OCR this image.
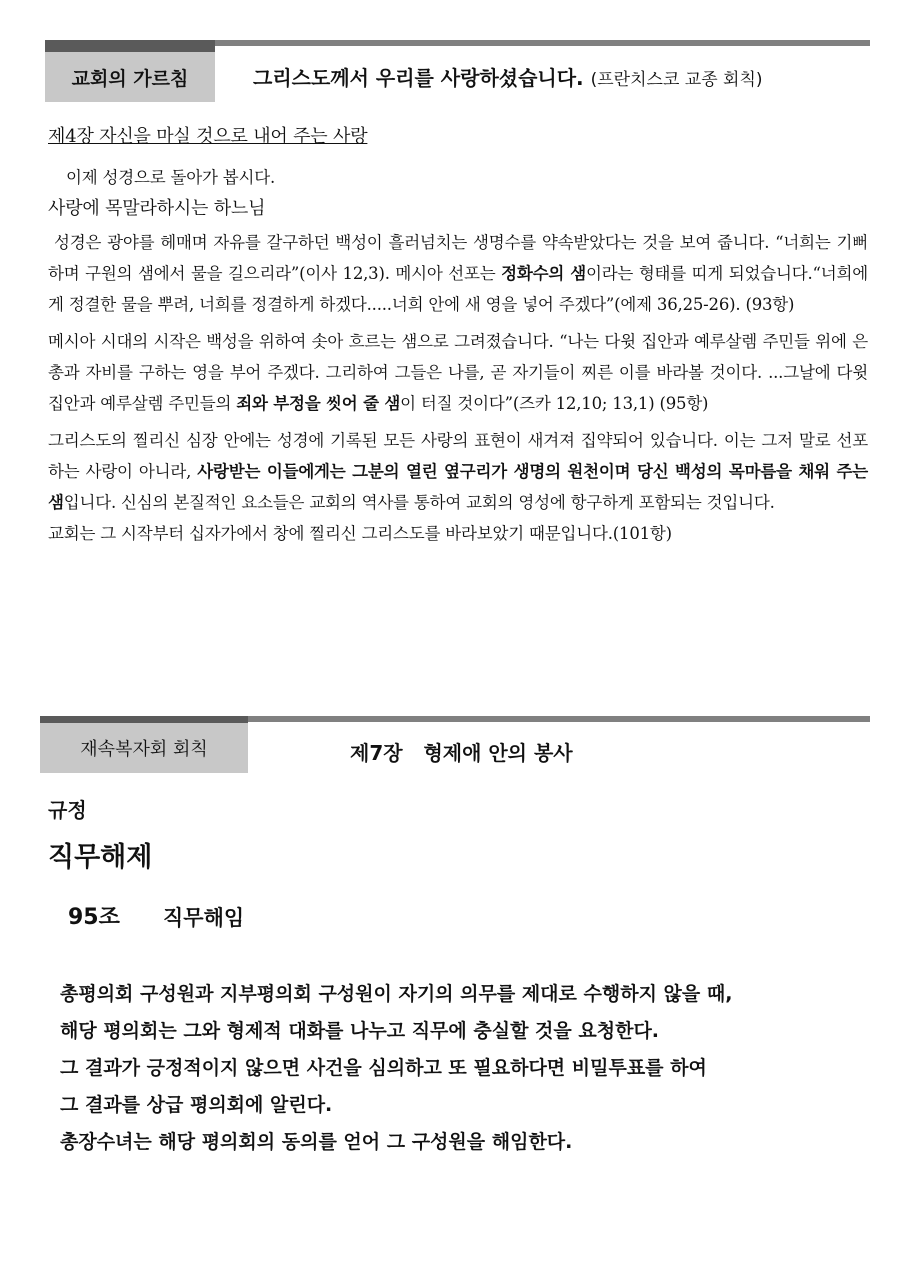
교회의 가르침	그리스도께서 우리를 사랑하셨습니다. (프란치스코 교종 회칙)

제4장 자신을 마실 것으로 내어 주는 사랑

이제 성경으로 돌아가 봅시다.

사랑에 목말라하시는 하느님

성경은 광야를 헤매며 자유를 갈구하던 백성이 흘러넘치는 생명수를 약속받았다는 것을 보여 줍니다. “너희는 기뻐하며 구원의 샘에서 물을 길으리라”(이사 12,3). 메시아 선포는 정화수의 샘이라는 형태를 띠게 되었습니다.“너희에게 정결한 물을 뿌려, 너희를 정결하게 하겠다.....너희 안에 새 영을 넣어 주겠다”(에제 36,25-26). (93항)

메시아 시대의 시작은 백성을 위하여 솟아 흐르는 샘으로 그려졌습니다. “나는 다윗 집안과 예루살렘 주민들 위에 은총과 자비를 구하는 영을 부어 주겠다. 그리하여 그들은 나를, 곧 자기들이 찌른 이를 바라볼 것이다. ...그날에 다윗 집안과 예루살렘 주민들의 죄와 부정을 씻어 줄 샘이 터질 것이다”(즈카 12,10; 13,1) (95항)

그리스도의 찔리신 심장 안에는 성경에 기록된 모든 사랑의 표현이 새겨져 집약되어 있습니다. 이는 그저 말로 선포하는 사랑이 아니라, 사랑받는 이들에게는 그분의 열린 옆구리가 생명의 원천이며 당신 백성의 목마름을 채워 주는 샘입니다. 신심의 본질적인 요소들은 교회의 역사를 통하여 교회의 영성에 항구하게 포함되는 것입니다.

교회는 그 시작부터 십자가에서 창에 찔리신 그리스도를 바라보았기 때문입니다.(101항)

재속복자회 회칙	제7장   형제애 안의 봉사
규정
직무해제
95조 직무해임
총평의회 구성원과 지부평의회 구성원이 자기의 의무를 제대로 수행하지 않을 때,
해당 평의회는 그와 형제적 대화를 나누고 직무에 충실할 것을 요청한다.
그 결과가 긍정적이지 않으면 사건을 심의하고 또 필요하다면 비밀투표를 하여
그 결과를 상급 평의회에 알린다.
총장수녀는 해당 평의회의 동의를 얻어 그 구성원을 해임한다.
